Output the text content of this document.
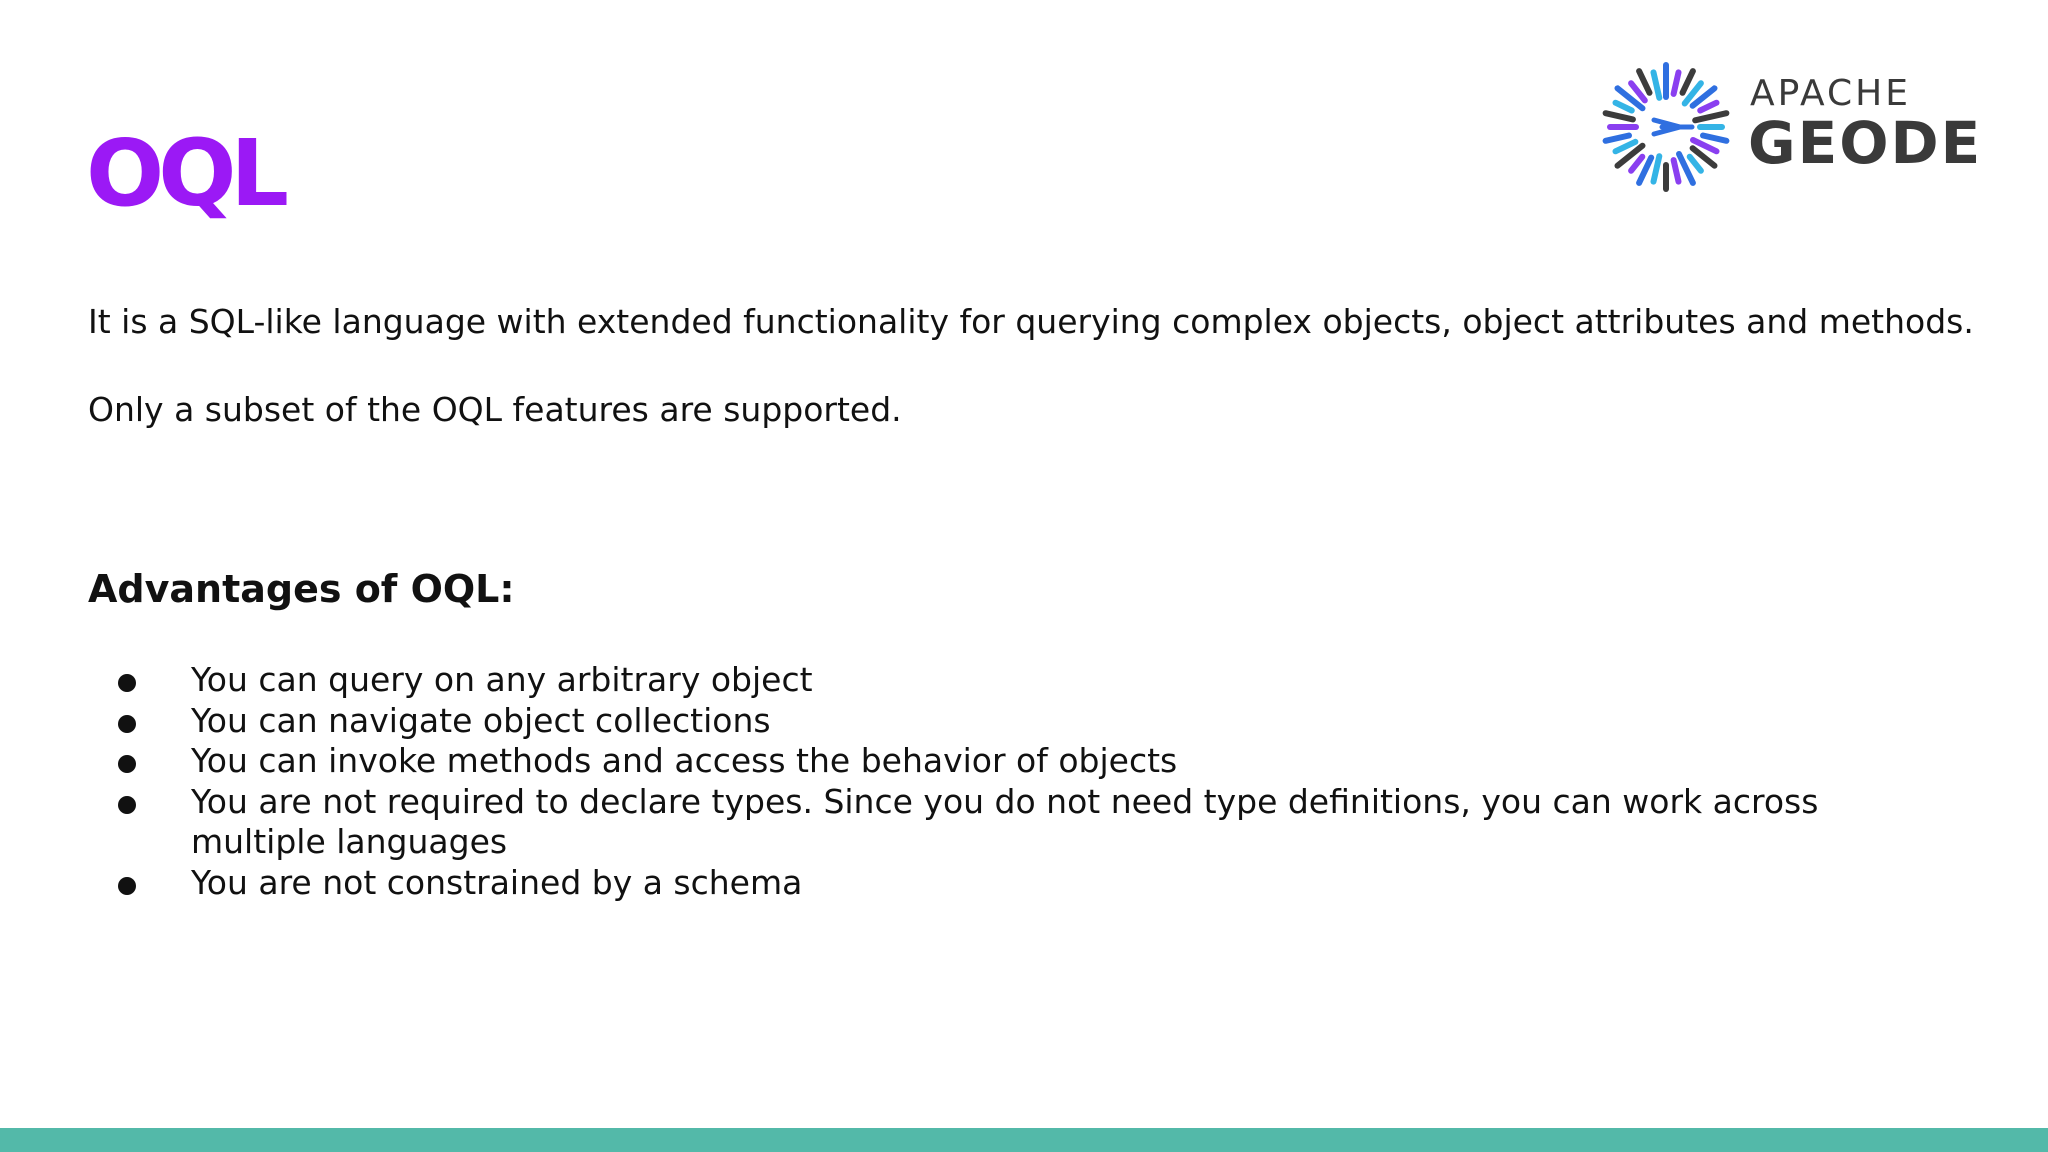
OQL
APACHE
GEODE

It is a SQL-like language with extended functionality for querying complex objects, object attributes and methods.

Only a subset of the OQL features are supported.

Advantages of OQL:
You can query on any arbitrary object
You can navigate object collections
You can invoke methods and access the behavior of objects
You are not required to declare types. Since you do not need type definitions, you can work across multiple languages
You are not constrained by a schema
